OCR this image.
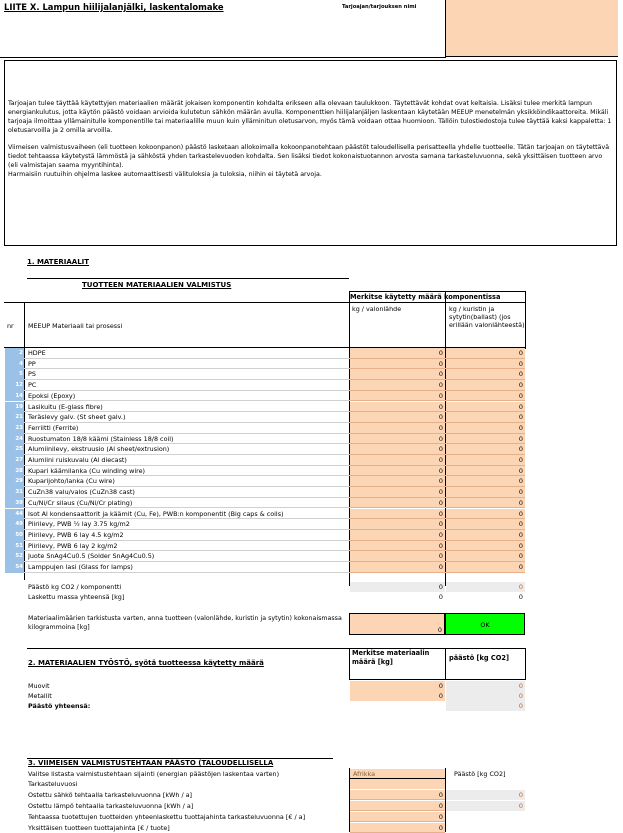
LIITE X. Lampun hiilijalanjälki, laskentalomake	Tarjoajan/tarjouksen nimi
Tarjoajan tulee täyttää käytettyjen materiaalien määrät jokaisen komponentin kohdalta erikseen alla olevaan taulukkoon. Täytettävät kohdat ovat keltaisia. Lisäksi tulee merkitä lampun energiankulutus, jotta käytön päästö voidaan arvioida kulutetun sähkön määrän avulla. Komponenttien hiilijalanjäljen laskentaan käytetään MEEUP menetelmän yksikköindikaattoreita. Mikäli tarjoaja ilmoittaa yllämainitulle komponentille tai materiaalille muun kuin ylläminitun oletusarvon, myös tämä voidaan ottaa huomioon. Tällöin tulostiedostoja tulee täyttää kaksi kappaletta: 1 oletusarvoilla ja 2 omilla arvoilla.
Viimeisen valmistusvaiheen (eli tuotteen kokoonpanon) päästö lasketaan allokoimalla kokoonpanotehtaan päästöt taloudellisella perisatteella yhdelle tuotteelle. Tätän tarjoajan on täytettävä tiedot tehtaassa käytetystä lämmöstä ja sähköstä yhden tarkastelevuoden kohdalta. Sen lisäksi tiedot kokonaistuotannon arvosta samana tarkasteluvuonna, sekä yksittäisen tuotteen arvo (eli valmistajan saama myyntihinta).
Harmaisiin ruutuihin ohjelma laskee automaattisesti välituloksia ja tuloksia, niihin ei täytetä arvoja.
1. MATERIAALIT
TUOTTEEN MATERIAALIEN VALMISTUS
Merkitse käytetty määrä komponentissa
nr MEEUP Materiaali tai prosessi
kg / valonlähde	kg / kuristin ja sytytin(ballast) (jos erillään valonlähteestä)
2 HDPE	0	0
4 PP	0	0
5 PS	0	0
12 PC	0	0
14 Epoksi (Epoxy)	0	0
19 Lasikuitu (E-glass fibre)	0	0
21 Teräslevy galv. (St sheet galv.)	0	0
23 Ferriitti (Ferrite)	0	0
24 Ruostumaton 18/8 käämi (Stainless 18/8 coil)	0	0
25 Alumiinilevy, ekstruusio (Al sheet/extrusion)	0	0
27 Alumiini ruiskuvalu (Al diecast)	0	0
28 Kupari käämilanka (Cu winding wire)	0	0
29 Kuparijohto/lanka (Cu wire)	0	0
31 CuZn38 valu/valos (CuZn38 cast)	0	0
39 Cu/Ni/Cr silaus (Cu/Ni/Cr plating)	0	0
44 Isot Al kondensaattorit ja käämit (Cu, Fe), PWB:n komponentit (Big caps & coils)	0	0
49 Piirilevy, PWB ½ lay 3.75 kg/m2	0	0
50 Piirilevy, PWB 6 lay 4.5 kg/m2	0	0
51 Piirilevy, PWB 6 lay 2 kg/m2	0	0
52 Juote SnAg4Cu0.5 (Solder SnAg4Cu0.5)	0	0
54 Lamppujen lasi (Glass for lamps)	0	0
Päästö kg CO2 / komponentti	0	0
Laskettu massa yhteensä [kg]	0	0
Materiaalimäärien tarkistusta varten, anna tuotteen (valonlähde, kuristin ja sytytin) kokonaismassa kilogrammoina [kg]	0
OK
2. MATERIAALIEN TYÖSTÖ, syötä tuotteessa käytetty määrä
Merkitse materiaalin määrä [kg]	päästö [kg CO2]
Muovit	0	0
Metallit	0	0
Päästö yhteensä:	0
3. VIIMEISEN VALMISTUSTEHTAAN PÄÄSTÖ (TALOUDELLISELLA
Valitse listasta valmistustehtaan sijainti (energian päästöjen laskentaa varten)	Afrikka	Päästö [kg CO2]
Tarkasteluvuosi
Ostettu sähkö tehtaalla tarkasteluvuonna [kWh / a]	0	0
Ostettu lämpö tehtaalla tarkasteluvuonna [kWh / a]	0	0
Tehtaassa tuotettujen tuotteiden yhteenlaskettu tuottajahinta tarkasteluvuonna [€ / a]	0
Yksittäisen tuotteen tuottajahinta [€ / tuote]	0
